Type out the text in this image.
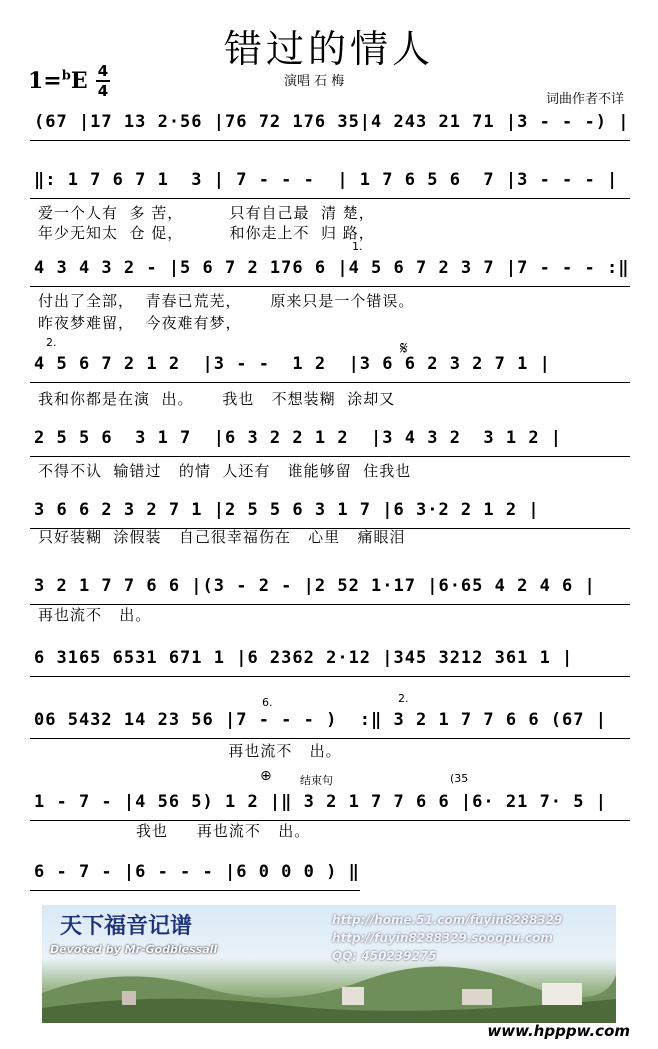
错过的情人
1=$^b$E 4
4
演唱 石 梅
词曲作者不详
(67 |17 13 2·56 |76 72 176 35|4 243 21 71 |3 - - -) |
‖: 1 7 6 7 1  3 | 7 - - -  | 1 7 6 5 6  7 |3 - - - |
爱一个人有  多 苦，        只有自己最  清 楚，
年少无知太  仓 促，        和你走上不  归 路，
1.
4 3 4 3 2 - |5 6 7 2 176 6 |4 5 6 7 2 3 7 |7 - - - :‖
付出了全部，  青春已荒芜，     原来只是一个错误。
昨夜梦难留，  今夜难有梦，
2.	𝄋
4 5 6 7 2 1 2  |3 - -  1 2  |3 6 6 2 3 2 7 1 |
我和你都是在演  出。     我也   不想装糊  涂却又
2 5 5 6  3 1 7  |6 3 2 2 1 2  |3 4 3 2  3 1 2 |
不得不认  输错过   的情  人还有   谁能够留  住我也
3 6 6 2 3 2 7 1 |2 5 5 6 3 1 7 |6 3·2 2 1 2 |
只好装糊  涂假装   自己很幸福伤在   心里   痛眼泪
3 2 1 7 7 6 6 |(3 - 2 - |2 52 1·17 |6·65 4 2 4 6 |
再也流不   出。
6 3165 6531 671 1 |6 2362 2·12 |345 3212 361 1 |
6.	2.
06 5432 14 23 56 |7 - - - )  :‖ 3 2 1 7 7 6 6 (67 |
再也流不   出。
⊕	结束句	(35
1 - 7 - |4 56 5) 1 2 |‖ 3 2 1 7 7 6 6 |6· 21 7· 5 |
我也     再也流不   出。
6 - 7 - |6 - - - |6 0 0 0 ) ‖
天下福音记谱
Devoted by Mr-Godblessall
http://home.51.com/fuyin8288329
http://fuyin8288329.sooopu.com
QQ: 450239275
www.hpppw.com
